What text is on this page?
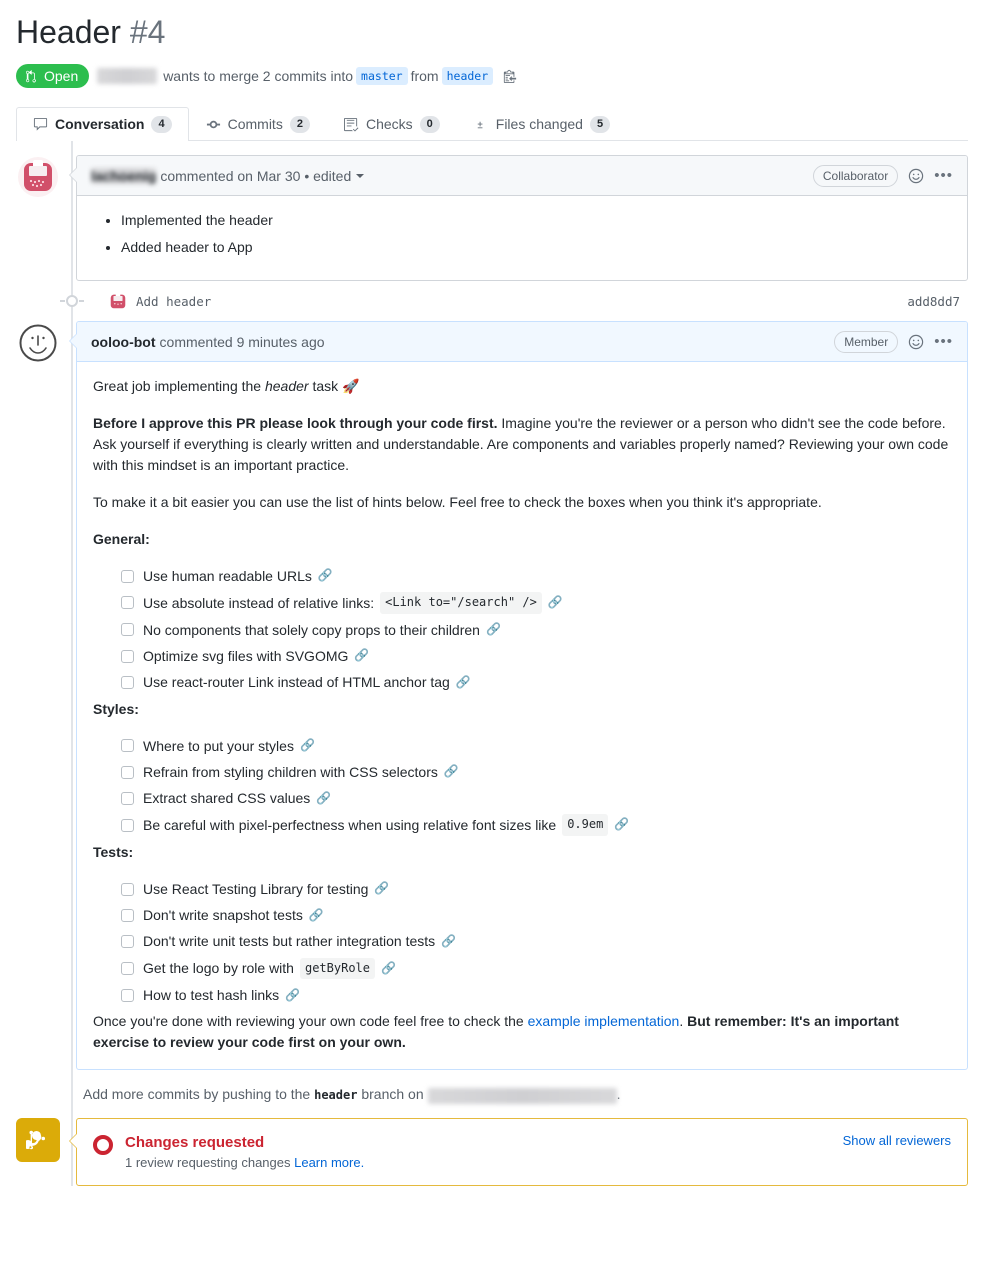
Header #4
Open	wants to merge 2 commits into master from header
Conversation	4	Commits	2	Checks	0	Files changed	5
lachoenig commented on Mar 30 • edited	Collaborator	•••
• Implemented the header
• Added header to App
Add header	add8dd7
ooloo-bot commented 9 minutes ago	Member	•••

Great job implementing the header task 🚀

Before I approve this PR please look through your code first. Imagine you're the reviewer or a person who didn't see the code before. Ask yourself if everything is clearly written and understandable. Are components and variables properly named? Reviewing your own code with this mindset is an important practice.

To make it a bit easier you can use the list of hints below. Feel free to check the boxes when you think it's appropriate.

General:

Use human readable URLs 🔗
Use absolute instead of relative links: <Link to="/search" /> 🔗
No components that solely copy props to their children 🔗
Optimize svg files with SVGOMG 🔗
Use react-router Link instead of HTML anchor tag 🔗

Styles:

Where to put your styles 🔗
Refrain from styling children with CSS selectors 🔗
Extract shared CSS values 🔗
Be careful with pixel-perfectness when using relative font sizes like 0.9em 🔗

Tests:

Use React Testing Library for testing 🔗
Don't write snapshot tests 🔗
Don't write unit tests but rather integration tests 🔗
Get the logo by role with getByRole 🔗
How to test hash links 🔗

Once you're done with reviewing your own code feel free to check the example implementation. But remember: It's an important exercise to review your code first on your own.

Add more commits by pushing to the header branch on	.
Changes requested
1 review requesting changes Learn more.
Show all reviewers
